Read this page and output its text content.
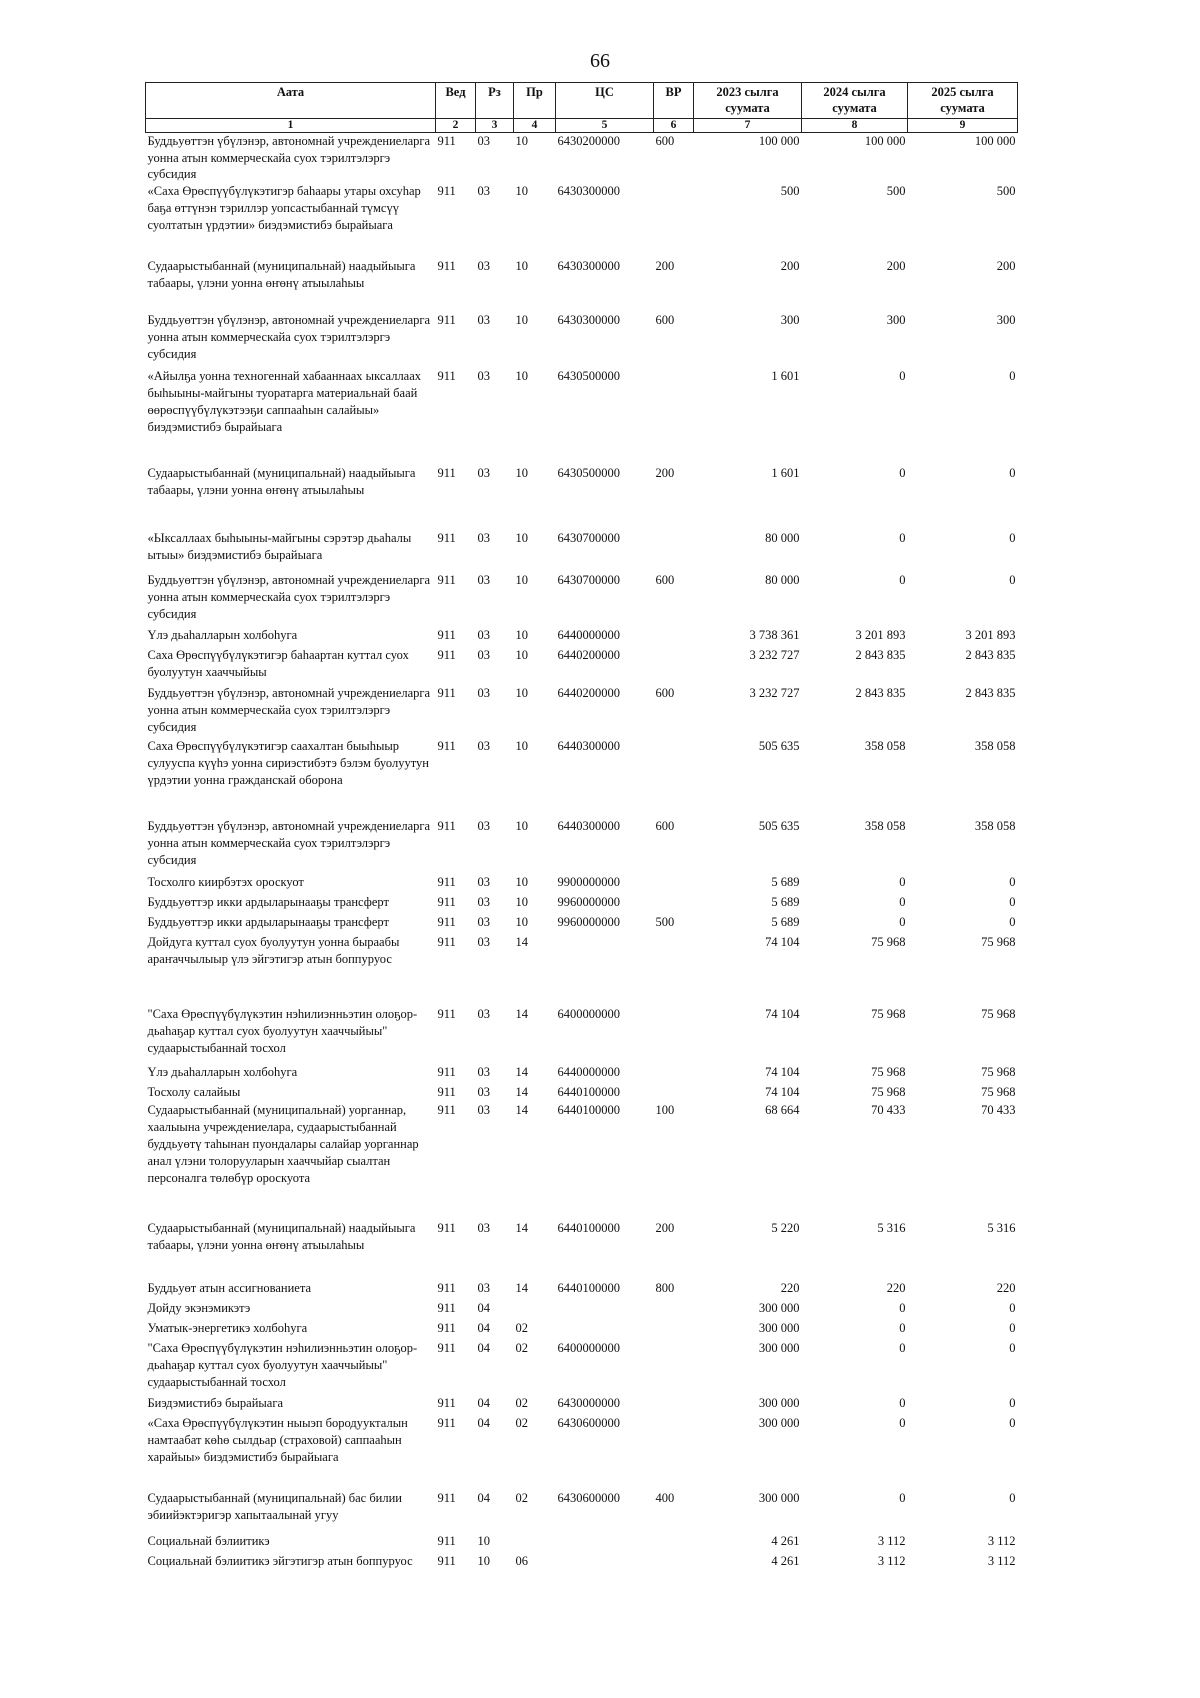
66
Аата	Вед	Рз	Пр	ЦС	ВР	2023 сылга суумата	2024 сылга суумата	2025 сылга суумата
1	2	3	4	5	6	7	8	9
Буддьуөттэн үбүлэнэр, автономнай учреждениеларга уонна атын коммерческайа суох тэрилтэлэргэ субсидия	911	03	10	6430200000	600	100 000	100 000	100 000
«Саха Өрөспүүбүлүкэтигэр баһаары утары охсуһар баҕа өттүнэн тэриллэр уопсастыбаннай түмсүү суолтатын үрдэтии» биэдэмистибэ бырайыага	911	03	10	6430300000		500	500	500
Судаарыстыбаннай (муниципальнай) наадыйыыга табаары, үлэни уонна өҥөнү атыылаһыы	911	03	10	6430300000	200	200	200	200
Буддьуөттэн үбүлэнэр, автономнай учреждениеларга уонна атын коммерческайа суох тэрилтэлэргэ субсидия	911	03	10	6430300000	600	300	300	300
«Айылҕа уонна техногеннай хабааннаах ыксаллаах быһыыны-майгыны туоратарга материальнай баай өөрөспүүбүлүкэтээҕи саппааһын салайыы» биэдэмистибэ бырайыага	911	03	10	6430500000		1 601	0	0
Судаарыстыбаннай (муниципальнай) наадыйыыга табаары, үлэни уонна өҥөнү атыылаһыы	911	03	10	6430500000	200	1 601	0	0
«Ыксаллаах быһыыны-майгыны сэрэтэр дьаһалы ытыы» биэдэмистибэ бырайыага	911	03	10	6430700000		80 000	0	0
Буддьуөттэн үбүлэнэр, автономнай учреждениеларга уонна атын коммерческайа суох тэрилтэлэргэ субсидия	911	03	10	6430700000	600	80 000	0	0
Үлэ дьаһалларын холбоһуга	911	03	10	6440000000		3 738 361	3 201 893	3 201 893
Саха Өрөспүүбүлүкэтигэр баһаартан куттал суох буолуутун хааччыйыы	911	03	10	6440200000		3 232 727	2 843 835	2 843 835
Буддьуөттэн үбүлэнэр, автономнай учреждениеларга уонна атын коммерческайа суох тэрилтэлэргэ субсидия	911	03	10	6440200000	600	3 232 727	2 843 835	2 843 835
Саха Өрөспүүбүлүкэтигэр саахалтан быыһыыр сулууспа күүһэ уонна сириэстибэтэ бэлэм буолуутун үрдэтии уонна гражданскай оборона	911	03	10	6440300000		505 635	358 058	358 058
Буддьуөттэн үбүлэнэр, автономнай учреждениеларга уонна атын коммерческайа суох тэрилтэлэргэ субсидия	911	03	10	6440300000	600	505 635	358 058	358 058
Тосхолго киирбэтэх ороскуот	911	03	10	9900000000		5 689	0	0
Буддьуөттэр икки ардыларынааҕы трансферт	911	03	10	9960000000		5 689	0	0
Буддьуөттэр икки ардыларынааҕы трансферт	911	03	10	9960000000	500	5 689	0	0
Дойдуга куттал суох буолуутун уонна быраабы араҥаччылыыр үлэ эйгэтигэр атын боппуруос	911	03	14			74 104	75 968	75 968
"Саха Өрөспүүбүлүкэтин нэһилиэнньэтин олоҕор-дьаһаҕар куттал суох буолуутун хааччыйыы" судаарыстыбаннай тосхол	911	03	14	6400000000		74 104	75 968	75 968
Үлэ дьаһалларын холбоһуга	911	03	14	6440000000		74 104	75 968	75 968
Тосхолу салайыы	911	03	14	6440100000		74 104	75 968	75 968
Судаарыстыбаннай (муниципальнай) уорганнар, хаалыына учреждениелара, судаарыстыбаннай буддьуөтү таһынан пуондалары салайар уорганнар анал үлэни толорууларын хааччыйар сыалтан персоналга төлөбүр ороскуота	911	03	14	6440100000	100	68 664	70 433	70 433
Судаарыстыбаннай (муниципальнай) наадыйыыга табаары, үлэни уонна өҥөнү атыылаһыы	911	03	14	6440100000	200	5 220	5 316	5 316
Буддьуөт атын ассигнованиета	911	03	14	6440100000	800	220	220	220
Дойду экэнэмикэтэ	911	04				300 000	0	0
Уматык-энергетикэ холбоһуга	911	04	02			300 000	0	0
"Саха Өрөспүүбүлүкэтин нэһилиэнньэтин олоҕор-дьаһаҕар куттал суох буолуутун хааччыйыы" судаарыстыбаннай тосхол	911	04	02	6400000000		300 000	0	0
Биэдэмистибэ бырайыага	911	04	02	6430000000		300 000	0	0
«Саха Өрөспүүбүлүкэтин ныыэп бородуукталын намтаабат көһө сылдьар (страховой) саппааһын харайыы» биэдэмистибэ бырайыага	911	04	02	6430600000		300 000	0	0
Судаарыстыбаннай (муниципальнай) бас билии эбиийэктэригэр хапытаалынай угуу	911	04	02	6430600000	400	300 000	0	0
Социальнай бэлиитикэ	911	10				4 261	3 112	3 112
Социальнай бэлиитикэ эйгэтигэр атын боппуруос	911	10	06			4 261	3 112	3 112
